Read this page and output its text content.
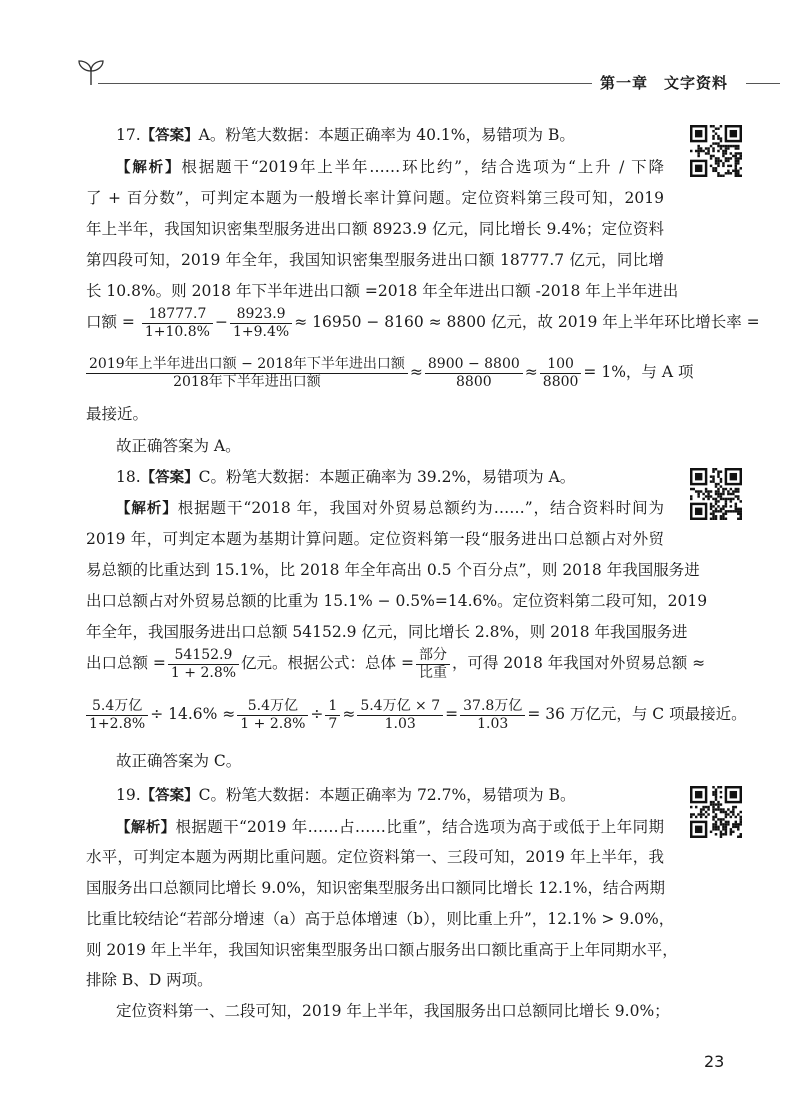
第一章　文字资料
17.【答案】A。粉笔大数据：本题正确率为 40.1%，易错项为 B。
【解析】根据题干“2019年上半年……环比约”，结合选项为“上升 / 下降
了 + 百分数”，可判定本题为一般增长率计算问题。定位资料第三段可知，2019
年上半年，我国知识密集型服务进出口额 8923.9 亿元，同比增长 9.4%；定位资料
第四段可知，2019 年全年，我国知识密集型服务进出口额 18777.7 亿元，同比增
长 10.8%。则 2018 年下半年进出口额 =2018 年全年进出口额 -2018 年上半年进出
口额 = $\frac{18777.7}{1+10.8\%} - \frac{8923.9}{1+9.4\%} \approx 16950 - 8160 \approx 8800$ 亿元，故 2019 年上半年环比增长率 =
$\frac{\text{2019年上半年进出口额 − 2018年下半年进出口额}}{\text{2018年下半年进出口额}} \approx \frac{8900 - 8800}{8800} \approx \frac{100}{8800} = 1\%$，与 A 项
最接近。
故正确答案为 A。
18.【答案】C。粉笔大数据：本题正确率为 39.2%，易错项为 A。
【解析】根据题干“2018 年，我国对外贸易总额约为……”，结合资料时间为
2019 年，可判定本题为基期计算问题。定位资料第一段“服务进出口总额占对外贸
易总额的比重达到 15.1%，比 2018 年全年高出 0.5 个百分点”，则 2018 年我国服务进
出口总额占对外贸易总额的比重为 15.1% − 0.5%=14.6%。定位资料第二段可知，2019
年全年，我国服务进出口总额 54152.9 亿元，同比增长 2.8%，则 2018 年我国服务进
出口总额 = $\frac{54152.9}{1 + 2.8\%}$ 亿元。根据公式：总体 = $\frac{\text{部分}}{\text{比重}}$ ，可得 2018 年我国对外贸易总额 ≈
$\frac{\text{5.4万亿}}{1+2.8\%} \div 14.6\% \approx \frac{\text{5.4万亿}}{1 + 2.8\%} \div \frac{1}{7} \approx \frac{\text{5.4万亿 × 7}}{1.03} = \frac{\text{37.8万亿}}{1.03} = 36$ 万亿元，与 C 项最接近。
故正确答案为 C。
19.【答案】C。粉笔大数据：本题正确率为 72.7%，易错项为 B。
【解析】根据题干“2019 年……占……比重”，结合选项为高于或低于上年同期
水平，可判定本题为两期比重问题。定位资料第一、三段可知，2019 年上半年，我
国服务出口总额同比增长 9.0%，知识密集型服务出口额同比增长 12.1%，结合两期
比重比较结论“若部分增速（a）高于总体增速（b），则比重上升”，12.1% > 9.0%，
则 2019 年上半年，我国知识密集型服务出口额占服务出口额比重高于上年同期水平，
排除 B、D 两项。
定位资料第一、二段可知，2019 年上半年，我国服务出口总额同比增长 9.0%；
23
